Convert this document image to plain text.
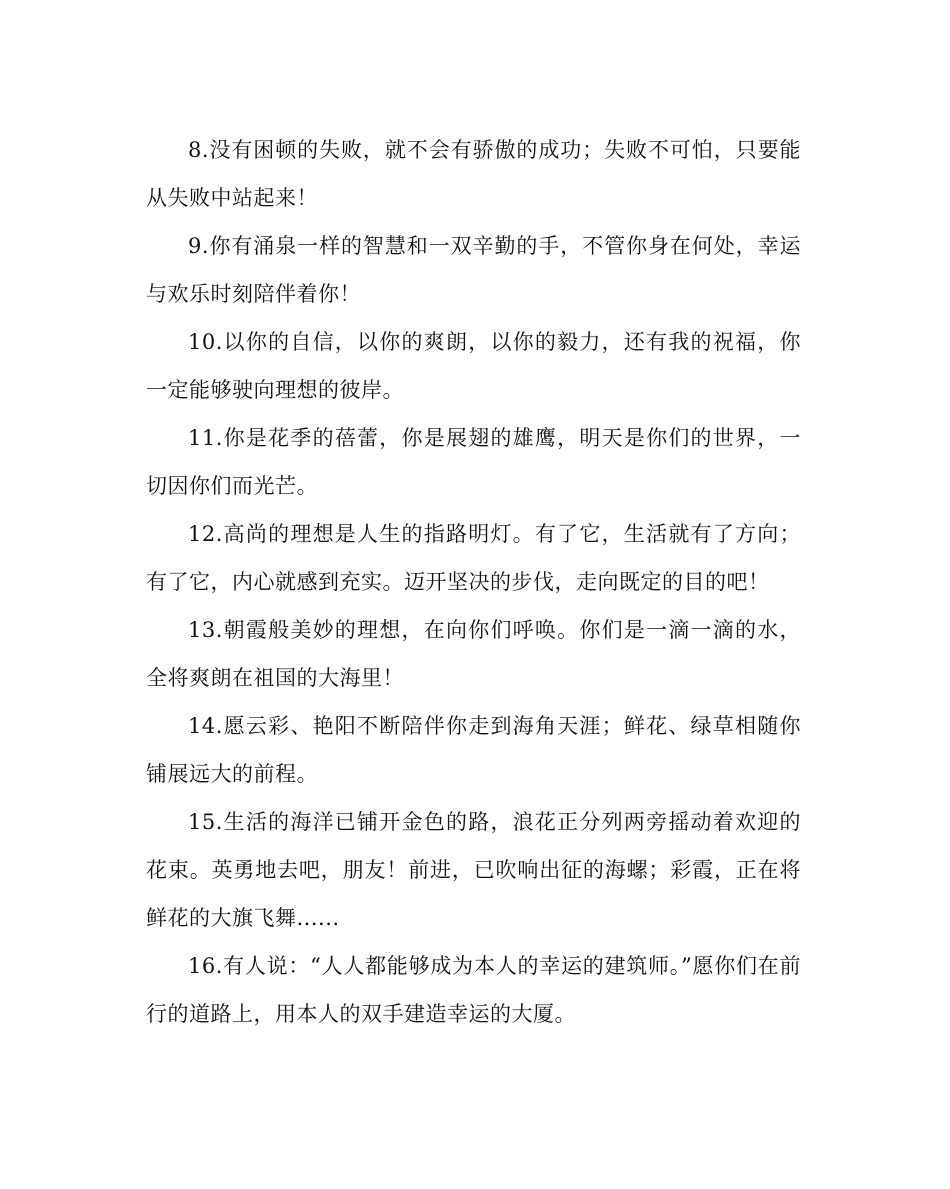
8.没有困顿的失败，就不会有骄傲的成功；失败不可怕，只要能从失败中站起来！

9.你有涌泉一样的智慧和一双辛勤的手，不管你身在何处，幸运与欢乐时刻陪伴着你！

10.以你的自信，以你的爽朗，以你的毅力，还有我的祝福，你一定能够驶向理想的彼岸。

11.你是花季的蓓蕾，你是展翅的雄鹰，明天是你们的世界，一切因你们而光芒。

12.高尚的理想是人生的指路明灯。有了它，生活就有了方向；有了它，内心就感到充实。迈开坚决的步伐，走向既定的目的吧！

13.朝霞般美妙的理想，在向你们呼唤。你们是一滴一滴的水，全将爽朗在祖国的大海里！

14.愿云彩、艳阳不断陪伴你走到海角天涯；鲜花、绿草相随你铺展远大的前程。

15.生活的海洋已铺开金色的路，浪花正分列两旁摇动着欢迎的花束。英勇地去吧，朋友！前进，已吹响出征的海螺；彩霞，正在将鲜花的大旗飞舞......

16.有人说：“人人都能够成为本人的幸运的建筑师。”愿你们在前行的道路上，用本人的双手建造幸运的大厦。
